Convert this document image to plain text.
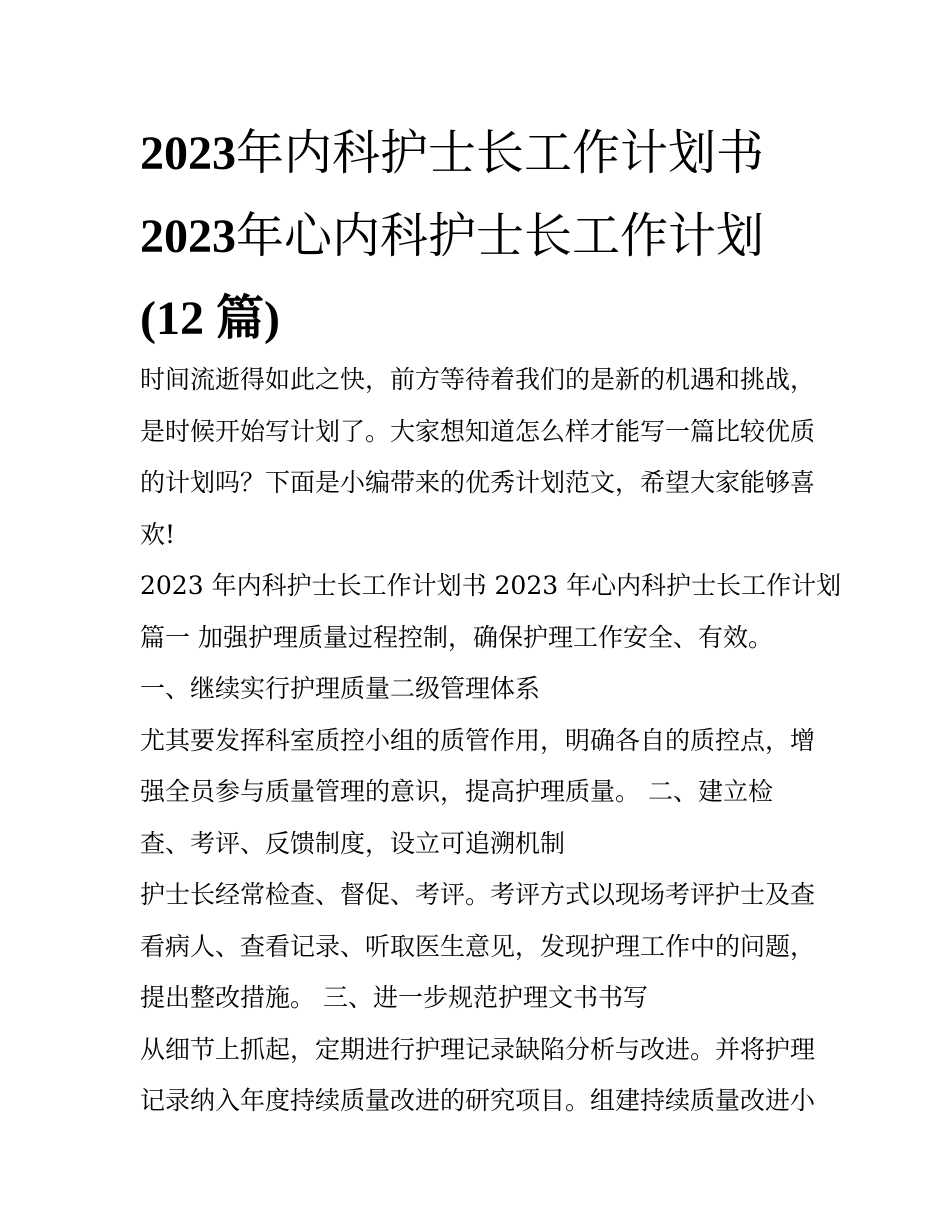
2023年内科护士长工作计划书
2023年心内科护士长工作计划
(12 篇)
时间流逝得如此之快，前方等待着我们的是新的机遇和挑战，
是时候开始写计划了。大家想知道怎么样才能写一篇比较优质
的计划吗？下面是小编带来的优秀计划范文，希望大家能够喜
欢!
2023 年内科护士长工作计划书 2023 年心内科护士长工作计划
篇一 加强护理质量过程控制，确保护理工作安全、有效。
一、继续实行护理质量二级管理体系
尤其要发挥科室质控小组的质管作用，明确各自的质控点，增
强全员参与质量管理的意识，提高护理质量。 二、建立检
查、考评、反馈制度，设立可追溯机制
护士长经常检查、督促、考评。考评方式以现场考评护士及查
看病人、查看记录、听取医生意见，发现护理工作中的问题，
提出整改措施。 三、进一步规范护理文书书写
从细节上抓起，定期进行护理记录缺陷分析与改进。并将护理
记录纳入年度持续质量改进的研究项目。组建持续质量改进小
